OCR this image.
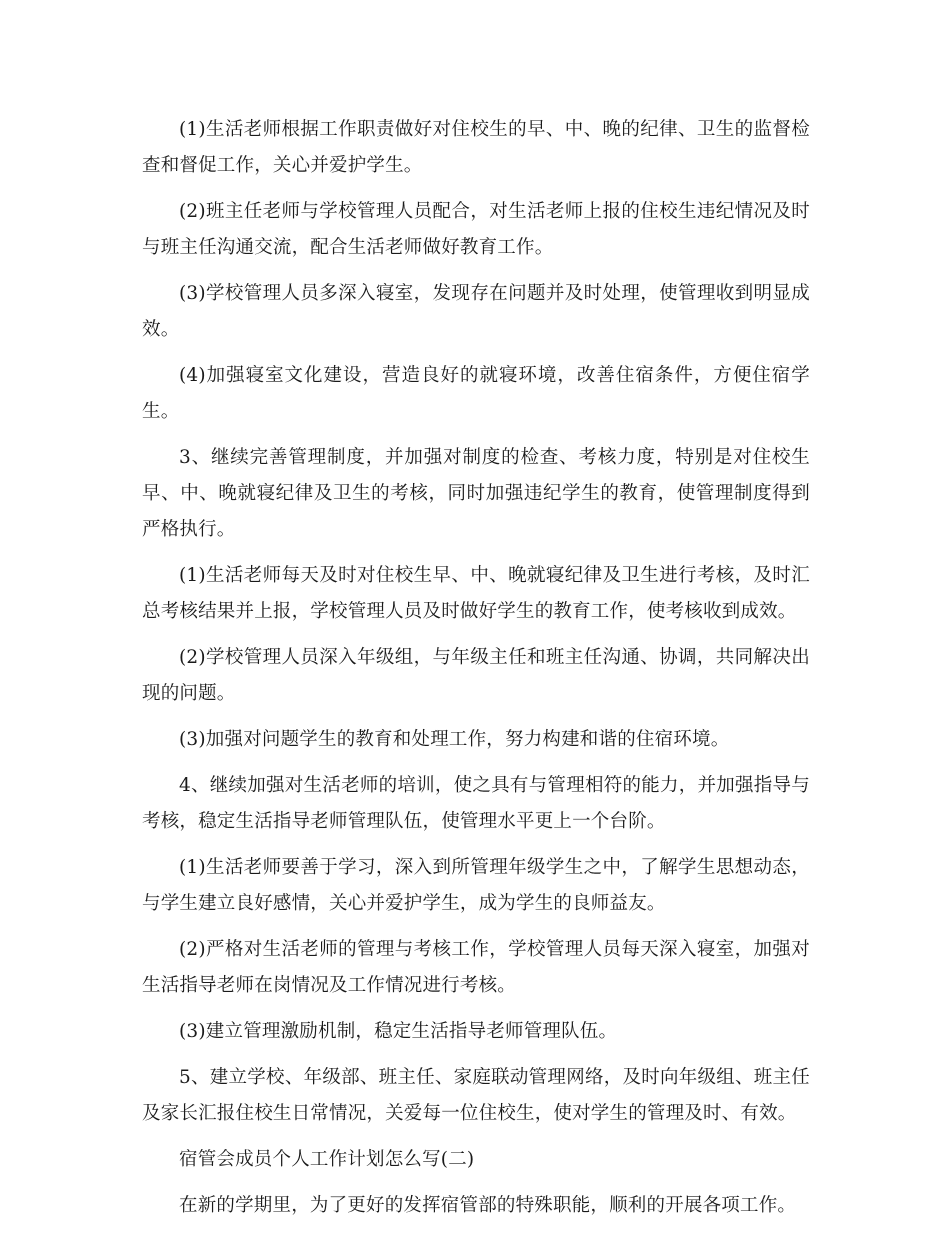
(1)生活老师根据工作职责做好对住校生的早、中、晚的纪律、卫生的监督检查和督促工作，关心并爱护学生。

(2)班主任老师与学校管理人员配合，对生活老师上报的住校生违纪情况及时与班主任沟通交流，配合生活老师做好教育工作。

(3)学校管理人员多深入寝室，发现存在问题并及时处理，使管理收到明显成效。

(4)加强寝室文化建设，营造良好的就寝环境，改善住宿条件，方便住宿学生。

3、继续完善管理制度，并加强对制度的检查、考核力度，特别是对住校生早、中、晚就寝纪律及卫生的考核，同时加强违纪学生的教育，使管理制度得到严格执行。

(1)生活老师每天及时对住校生早、中、晚就寝纪律及卫生进行考核，及时汇总考核结果并上报，学校管理人员及时做好学生的教育工作，使考核收到成效。

(2)学校管理人员深入年级组，与年级主任和班主任沟通、协调，共同解决出现的问题。

(3)加强对问题学生的教育和处理工作，努力构建和谐的住宿环境。

4、继续加强对生活老师的培训，使之具有与管理相符的能力，并加强指导与考核，稳定生活指导老师管理队伍，使管理水平更上一个台阶。

(1)生活老师要善于学习，深入到所管理年级学生之中，了解学生思想动态，与学生建立良好感情，关心并爱护学生，成为学生的良师益友。

(2)严格对生活老师的管理与考核工作，学校管理人员每天深入寝室，加强对生活指导老师在岗情况及工作情况进行考核。

(3)建立管理激励机制，稳定生活指导老师管理队伍。

5、建立学校、年级部、班主任、家庭联动管理网络，及时向年级组、班主任及家长汇报住校生日常情况，关爱每一位住校生，使对学生的管理及时、有效。

宿管会成员个人工作计划怎么写(二)

在新的学期里，为了更好的发挥宿管部的特殊职能，顺利的开展各项工作。
